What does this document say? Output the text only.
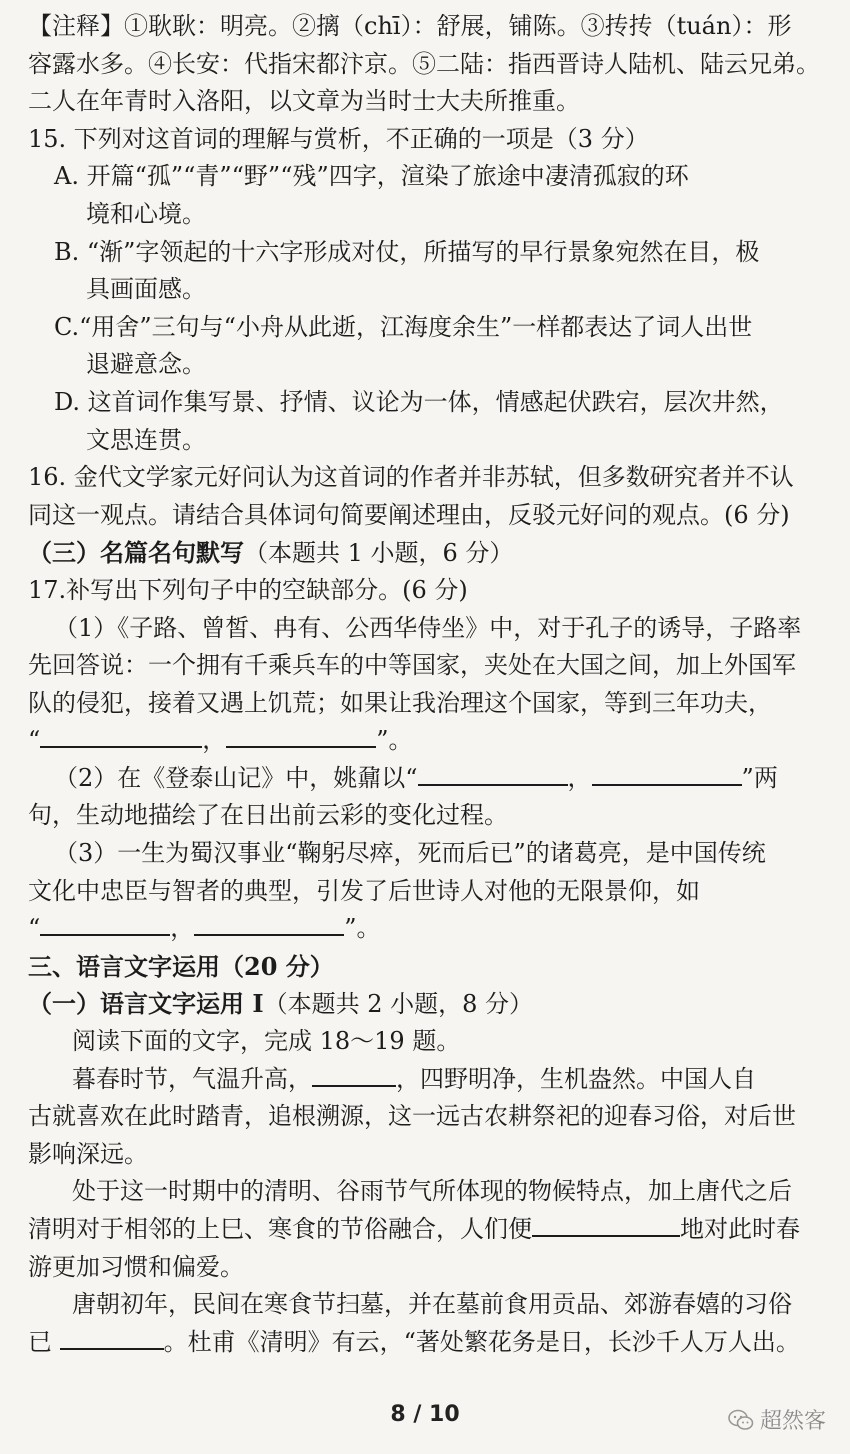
【注释】①耿耿：明亮。②摛（chī）：舒展，铺陈。③抟抟（tuán）：形
容露水多。④长安：代指宋都汴京。⑤二陆：指西晋诗人陆机、陆云兄弟。
二人在年青时入洛阳，以文章为当时士大夫所推重。
15. 下列对这首词的理解与赏析，不正确的一项是（3 分）
A. 开篇“孤”“青”“野”“残”四字，渲染了旅途中凄清孤寂的环
境和心境。
B. “渐”字领起的十六字形成对仗，所描写的早行景象宛然在目，极
具画面感。
C.“用舍”三句与“小舟从此逝，江海度余生”一样都表达了词人出世
退避意念。
D. 这首词作集写景、抒情、议论为一体，情感起伏跌宕，层次井然，
文思连贯。
16. 金代文学家元好问认为这首词的作者并非苏轼，但多数研究者并不认
同这一观点。请结合具体词句简要阐述理由，反驳元好问的观点。(6 分)
（三）名篇名句默写（本题共 1 小题，6 分）
17.补写出下列句子中的空缺部分。(6 分)
（1）《子路、曾皙、冉有、公西华侍坐》中，对于孔子的诱导，子路率
先回答说：一个拥有千乘兵车的中等国家，夹处在大国之间，加上外国军
队的侵犯，接着又遇上饥荒；如果让我治理这个国家，等到三年功夫，
“	，	”。
（2）在《登泰山记》中，姚鼐以“	，	”两
句，生动地描绘了在日出前云彩的变化过程。
（3）一生为蜀汉事业“鞠躬尽瘁，死而后已”的诸葛亮，是中国传统
文化中忠臣与智者的典型，引发了后世诗人对他的无限景仰，如
“	，	”。
三、语言文字运用（20 分）
（一）语言文字运用 Ⅰ（本题共 2 小题，8 分）
阅读下面的文字，完成 18～19 题。
暮春时节，气温升高，	，四野明净，生机盎然。中国人自
古就喜欢在此时踏青，追根溯源，这一远古农耕祭祀的迎春习俗，对后世
影响深远。
处于这一时期中的清明、谷雨节气所体现的物候特点，加上唐代之后
清明对于相邻的上巳、寒食的节俗融合，人们便	地对此时春
游更加习惯和偏爱。
唐朝初年，民间在寒食节扫墓，并在墓前食用贡品、郊游春嬉的习俗
已	。杜甫《清明》有云，“著处繁花务是日，长沙千人万人出。
8 / 10	超然客
